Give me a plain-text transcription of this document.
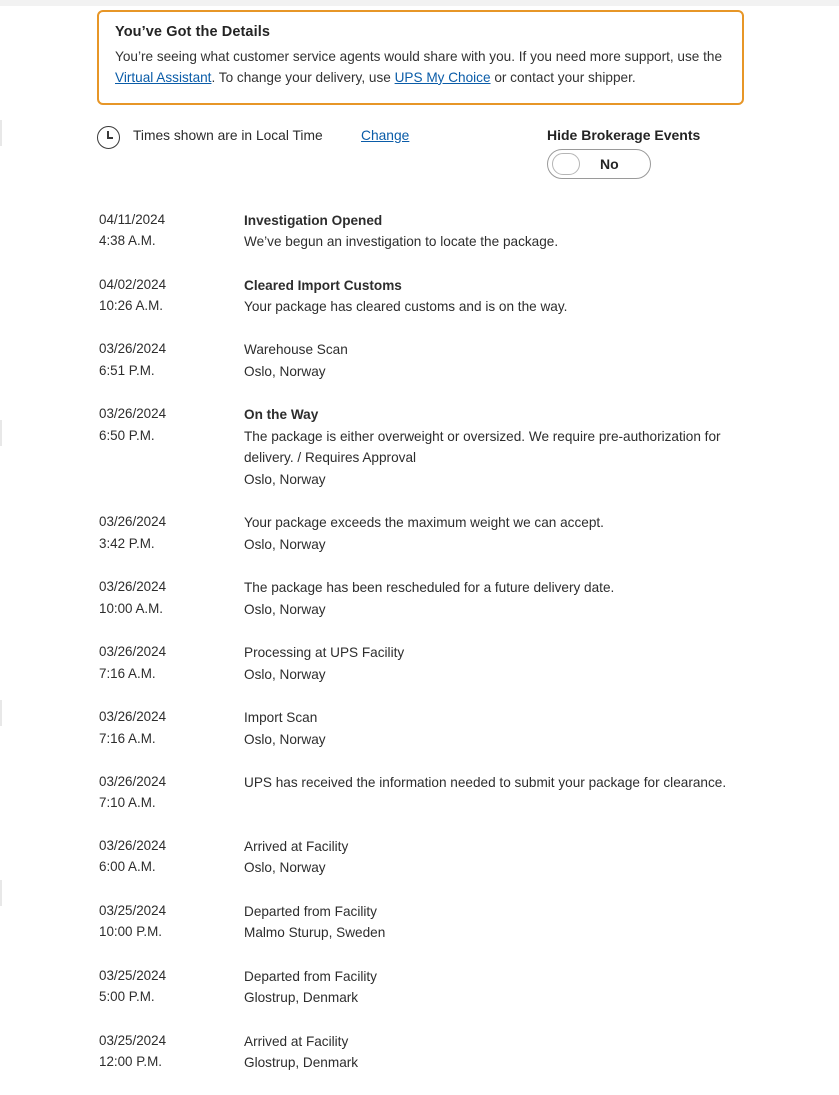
You’ve Got the Details
You’re seeing what customer service agents would share with you. If you need more support, use the Virtual Assistant. To change your delivery, use UPS My Choice or contact your shipper.
Times shown are in Local Time	Change	Hide Brokerage Events
No
04/11/2024
4:38 A.M.
Investigation Opened
We’ve begun an investigation to locate the package.
04/02/2024
10:26 A.M.
Cleared Import Customs
Your package has cleared customs and is on the way.
03/26/2024
6:51 P.M.
Warehouse Scan
Oslo, Norway
03/26/2024
6:50 P.M.
On the Way
The package is either overweight or oversized. We require pre-authorization for delivery. / Requires Approval
Oslo, Norway
03/26/2024
3:42 P.M.
Your package exceeds the maximum weight we can accept.
Oslo, Norway
03/26/2024
10:00 A.M.
The package has been rescheduled for a future delivery date.
Oslo, Norway
03/26/2024
7:16 A.M.
Processing at UPS Facility
Oslo, Norway
03/26/2024
7:16 A.M.
Import Scan
Oslo, Norway
03/26/2024
7:10 A.M.
UPS has received the information needed to submit your package for clearance.
03/26/2024
6:00 A.M.
Arrived at Facility
Oslo, Norway
03/25/2024
10:00 P.M.
Departed from Facility
Malmo Sturup, Sweden
03/25/2024
5:00 P.M.
Departed from Facility
Glostrup, Denmark
03/25/2024
12:00 P.M.
Arrived at Facility
Glostrup, Denmark
